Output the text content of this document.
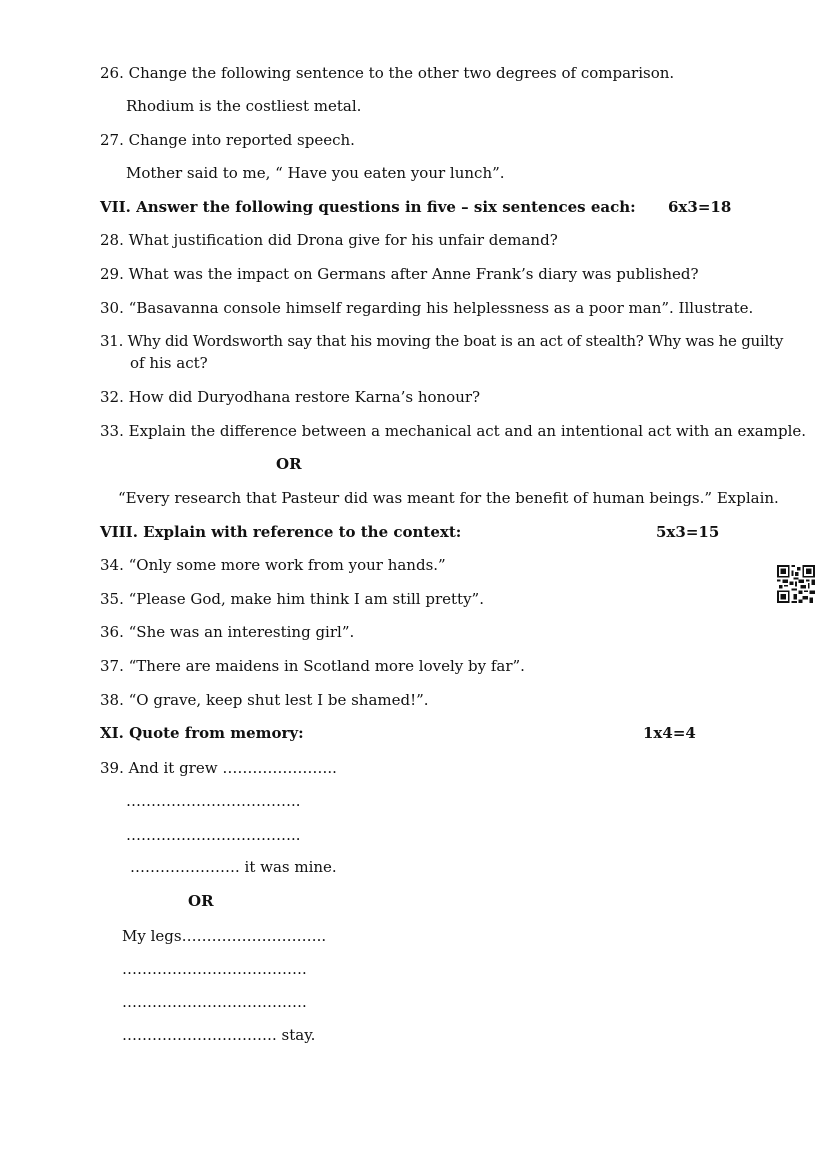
26. Change the following sentence to the other two degrees of comparison.
Rhodium is the costliest metal.
27. Change into reported speech.
Mother said to me, “ Have you eaten your lunch”.
VII. Answer the following questions in five – six sentences each: 6x3=18
28. What justification did Drona give for his unfair demand?
29. What was the impact on Germans after Anne Frank’s diary was published?
30. “Basavanna console himself regarding his helplessness as a poor man”. Illustrate.
31. Why did Wordsworth say that his moving the boat is an act of stealth? Why was he guilty
of his act?
32. How did Duryodhana restore Karna’s honour?
33. Explain the difference between a mechanical act and an intentional act with an example.
OR
“Every research that Pasteur did was meant for the benefit of human beings.” Explain.
VIII. Explain with reference to the context:	5x3=15
34. “Only some more work from your hands.”
35. “Please God, make him think I am still pretty”.
36. “She was an interesting girl”.
37. “There are maidens in Scotland more lovely by far”.
38. “O grave, keep shut lest I be shamed!”.
XI. Quote from memory:	1x4=4
39. And it grew …………………..
……………………………..
……………………………..
…………………. it was mine.
OR
My legs………………………..
……………………………….
……………………………….
…………………………. stay.
